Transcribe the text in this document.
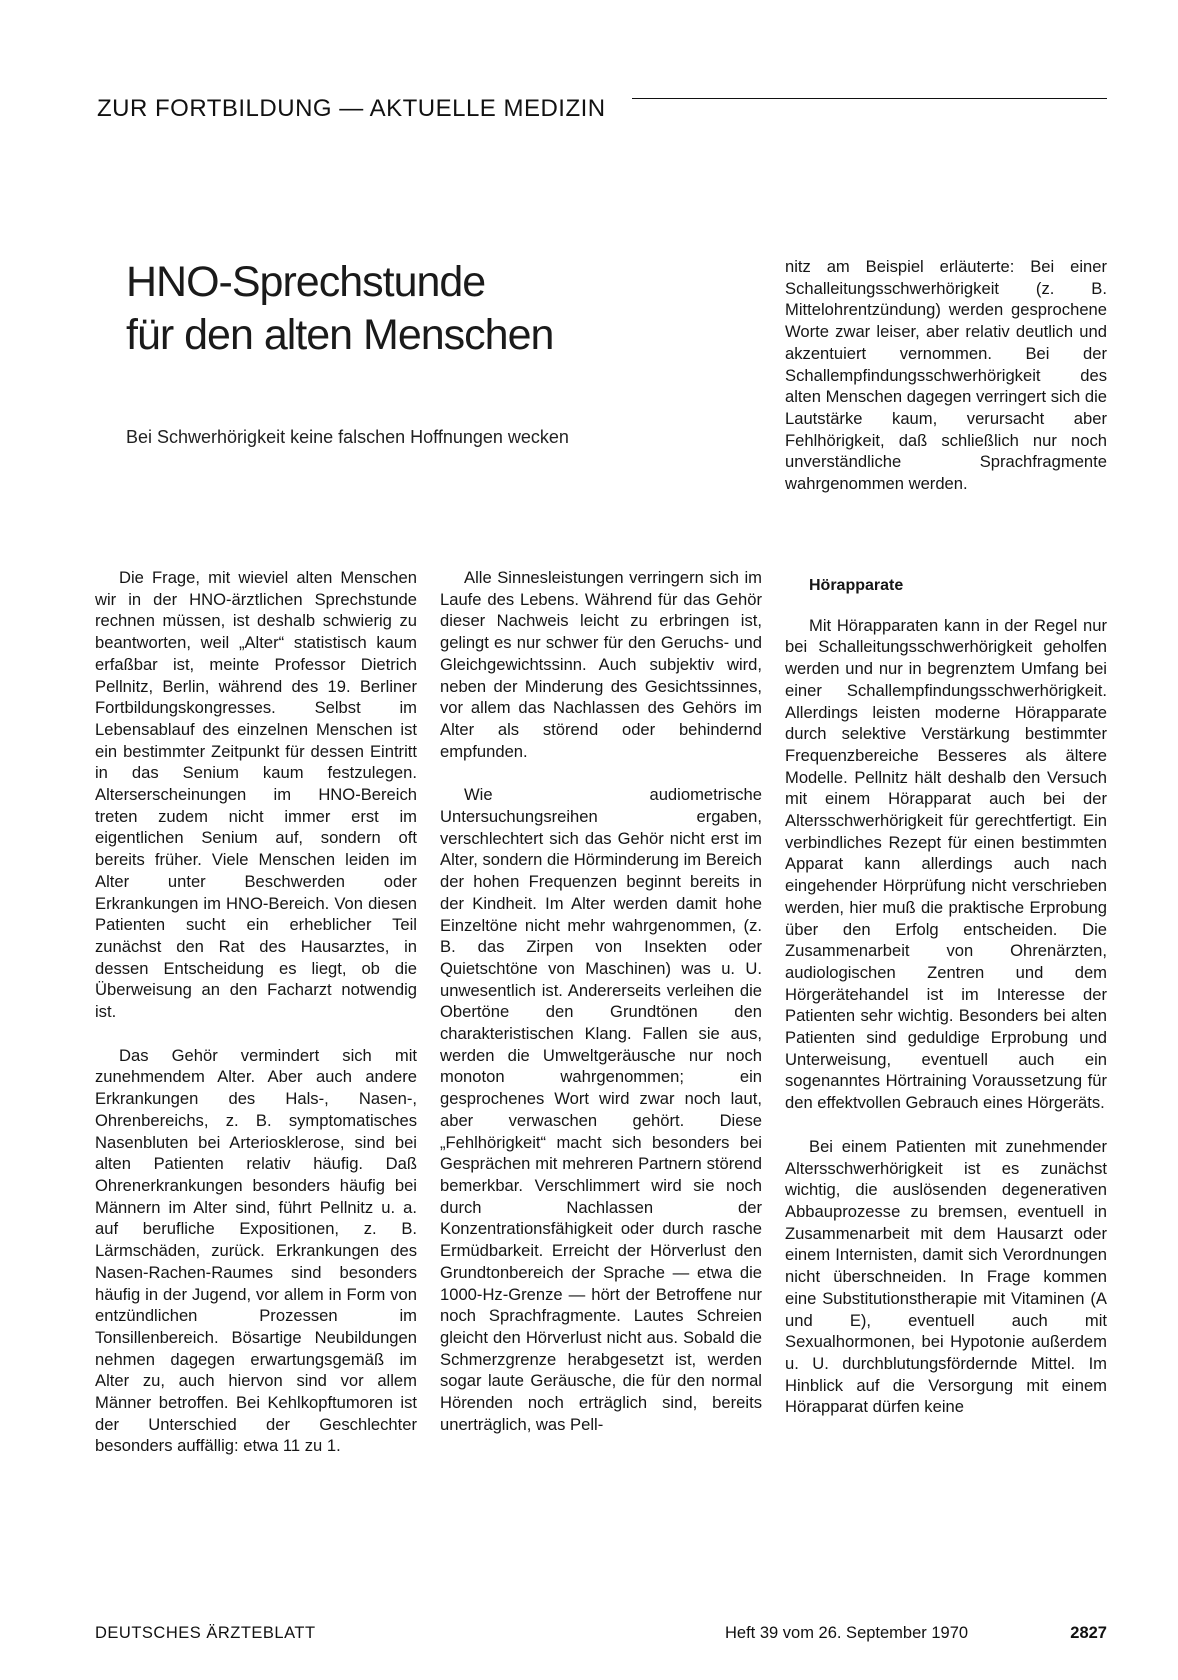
ZUR FORTBILDUNG — AKTUELLE MEDIZIN
HNO-Sprechstunde
für den alten Menschen
Bei Schwerhörigkeit keine falschen Hoffnungen wecken

nitz am Beispiel erläuterte: Bei einer Schalleitungsschwerhörigkeit (z. B. Mittelohrentzündung) werden gesprochene Worte zwar leiser, aber relativ deutlich und akzentuiert vernommen. Bei der Schallempfindungsschwerhörigkeit des alten Menschen dagegen verringert sich die Lautstärke kaum, verursacht aber Fehlhörigkeit, daß schließlich nur noch unverständliche Sprachfragmente wahrgenommen werden.

Die Frage, mit wieviel alten Menschen wir in der HNO-ärztlichen Sprechstunde rechnen müssen, ist deshalb schwierig zu beantworten, weil „Alter“ statistisch kaum erfaßbar ist, meinte Professor Dietrich Pellnitz, Berlin, während des 19. Berliner Fortbildungskongresses. Selbst im Lebensablauf des einzelnen Menschen ist ein bestimmter Zeitpunkt für dessen Eintritt in das Senium kaum festzulegen. Alterserscheinungen im HNO-Bereich treten zudem nicht immer erst im eigentlichen Senium auf, sondern oft bereits früher. Viele Menschen leiden im Alter unter Beschwerden oder Erkrankungen im HNO-Bereich. Von diesen Patienten sucht ein erheblicher Teil zunächst den Rat des Hausarztes, in dessen Entscheidung es liegt, ob die Überweisung an den Facharzt notwendig ist.

Das Gehör vermindert sich mit zunehmendem Alter. Aber auch andere Erkrankungen des Hals-, Nasen-, Ohrenbereichs, z. B. symptomatisches Nasenbluten bei Arteriosklerose, sind bei alten Patienten relativ häufig. Daß Ohrenerkrankungen besonders häufig bei Männern im Alter sind, führt Pellnitz u. a. auf berufliche Expositionen, z. B. Lärmschäden, zurück. Erkrankungen des Nasen-Rachen-Raumes sind besonders häufig in der Jugend, vor allem in Form von entzündlichen Prozessen im Tonsillenbereich. Bösartige Neubildungen nehmen dagegen erwartungsgemäß im Alter zu, auch hiervon sind vor allem Männer betroffen. Bei Kehlkopftumoren ist der Unterschied der Geschlechter besonders auffällig: etwa 11 zu 1.

Alle Sinnesleistungen verringern sich im Laufe des Lebens. Während für das Gehör dieser Nachweis leicht zu erbringen ist, gelingt es nur schwer für den Geruchs- und Gleichgewichtssinn. Auch subjektiv wird, neben der Minderung des Gesichtssinnes, vor allem das Nachlassen des Gehörs im Alter als störend oder behindernd empfunden.

Wie audiometrische Untersuchungsreihen ergaben, verschlechtert sich das Gehör nicht erst im Alter, sondern die Hörminderung im Bereich der hohen Frequenzen beginnt bereits in der Kindheit. Im Alter werden damit hohe Einzeltöne nicht mehr wahrgenommen, (z. B. das Zirpen von Insekten oder Quietschtöne von Maschinen) was u. U. unwesentlich ist. Andererseits verleihen die Obertöne den Grundtönen den charakteristischen Klang. Fallen sie aus, werden die Umweltgeräusche nur noch monoton wahrgenommen; ein gesprochenes Wort wird zwar noch laut, aber verwaschen gehört. Diese „Fehlhörigkeit“ macht sich besonders bei Gesprächen mit mehreren Partnern störend bemerkbar. Verschlimmert wird sie noch durch Nachlassen der Konzentrationsfähigkeit oder durch rasche Ermüdbarkeit. Erreicht der Hörverlust den Grundtonbereich der Sprache — etwa die 1000-Hz-Grenze — hört der Betroffene nur noch Sprachfragmente. Lautes Schreien gleicht den Hörverlust nicht aus. Sobald die Schmerzgrenze herabgesetzt ist, werden sogar laute Geräusche, die für den normal Hörenden noch erträglich sind, bereits unerträglich, was Pell-

Hörapparate

Mit Hörapparaten kann in der Regel nur bei Schalleitungsschwerhörigkeit geholfen werden und nur in begrenztem Umfang bei einer Schallempfindungsschwerhörigkeit. Allerdings leisten moderne Hörapparate durch selektive Verstärkung bestimmter Frequenzbereiche Besseres als ältere Modelle. Pellnitz hält deshalb den Versuch mit einem Hörapparat auch bei der Altersschwerhörigkeit für gerechtfertigt. Ein verbindliches Rezept für einen bestimmten Apparat kann allerdings auch nach eingehender Hörprüfung nicht verschrieben werden, hier muß die praktische Erprobung über den Erfolg entscheiden. Die Zusammenarbeit von Ohrenärzten, audiologischen Zentren und dem Hörgerätehandel ist im Interesse der Patienten sehr wichtig. Besonders bei alten Patienten sind geduldige Erprobung und Unterweisung, eventuell auch ein sogenanntes Hörtraining Voraussetzung für den effektvollen Gebrauch eines Hörgeräts.

Bei einem Patienten mit zunehmender Altersschwerhörigkeit ist es zunächst wichtig, die auslösenden degenerativen Abbauprozesse zu bremsen, eventuell in Zusammenarbeit mit dem Hausarzt oder einem Internisten, damit sich Verordnungen nicht überschneiden. In Frage kommen eine Substitutionstherapie mit Vitaminen (A und E), eventuell auch mit Sexualhormonen, bei Hypotonie außerdem u. U. durchblutungsfördernde Mittel. Im Hinblick auf die Versorgung mit einem Hörapparat dürfen keine

DEUTSCHES ÄRZTEBLATT	Heft 39 vom 26. September 1970	2827
